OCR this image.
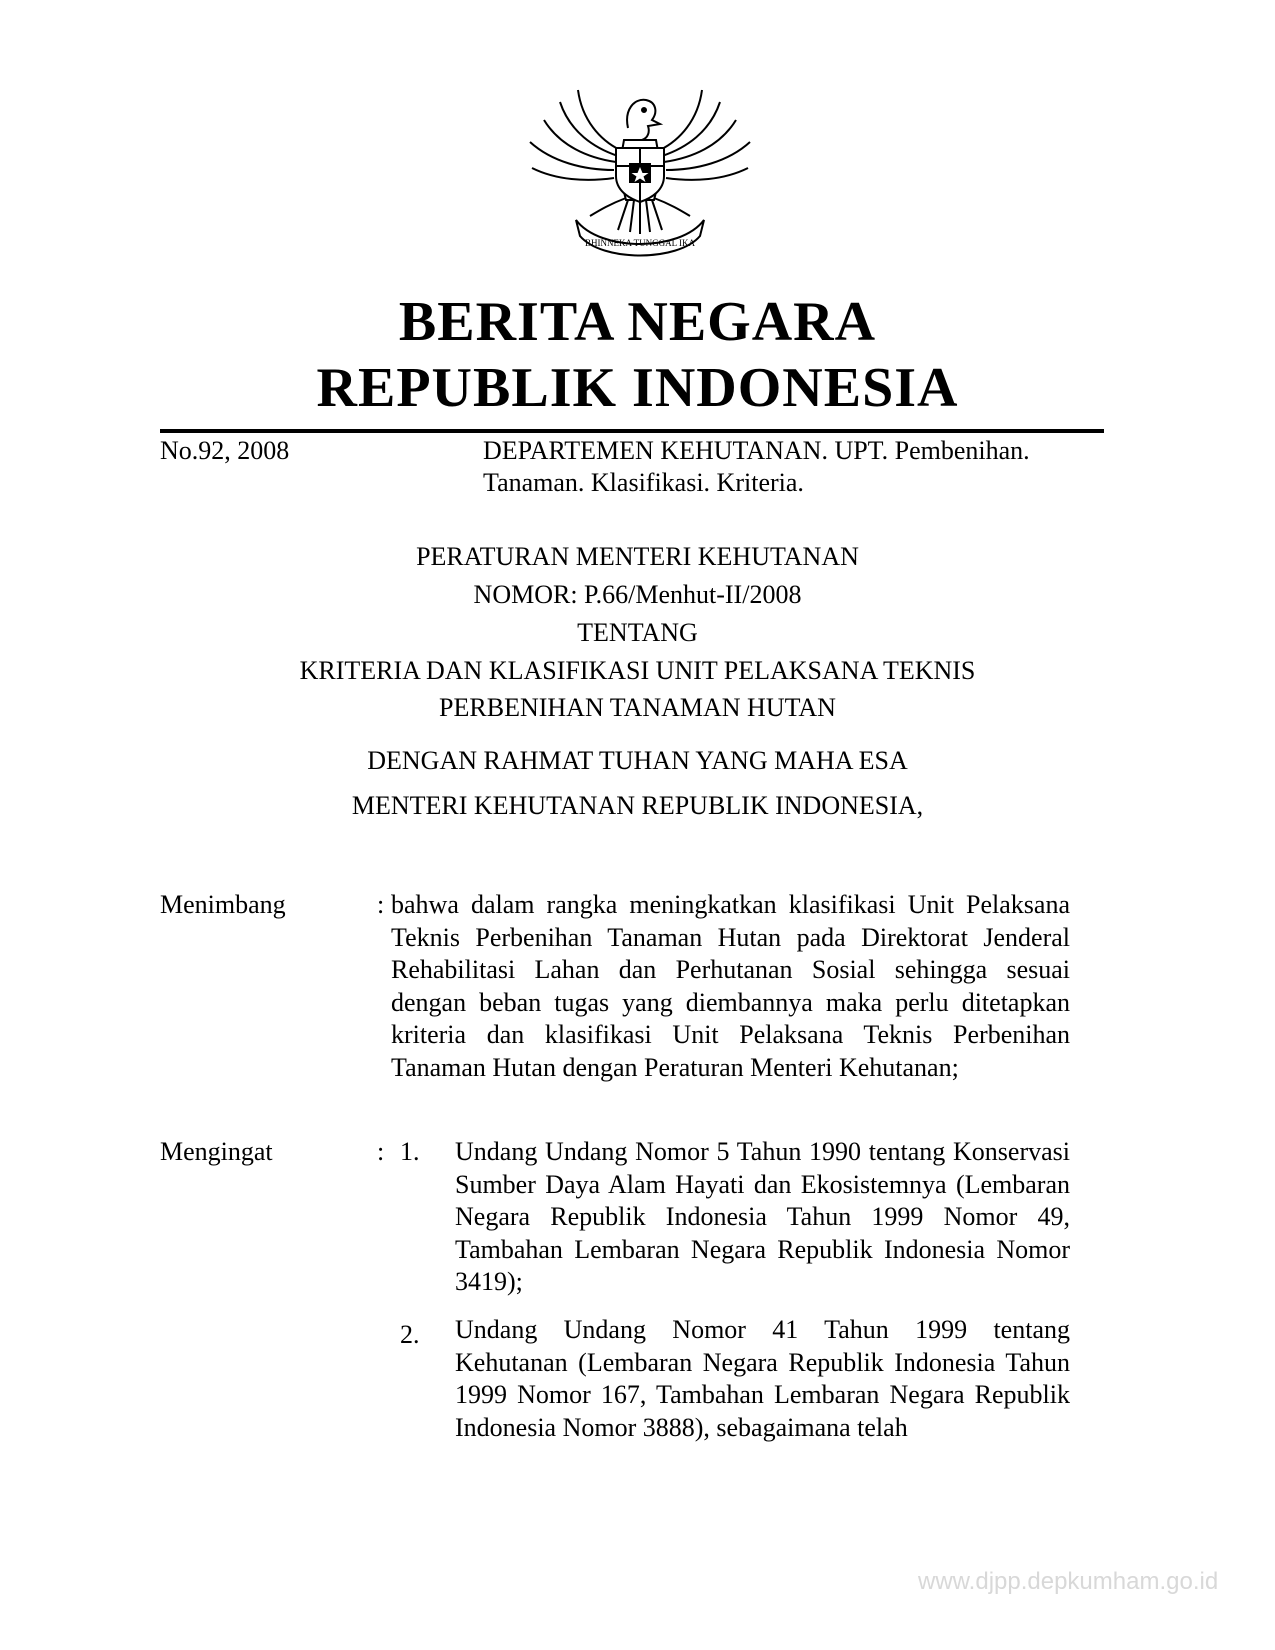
BHINNEKA TUNGGAL IKA
BERITA NEGARA
REPUBLIK INDONESIA
No.92, 2008	DEPARTEMEN KEHUTANAN. UPT. Pembenihan.
Tanaman. Klasifikasi. Kriteria.
PERATURAN MENTERI KEHUTANAN
NOMOR: P.66/Menhut-II/2008
TENTANG
KRITERIA DAN KLASIFIKASI UNIT PELAKSANA TEKNIS
PERBENIHAN TANAMAN HUTAN
DENGAN RAHMAT TUHAN YANG MAHA ESA
MENTERI KEHUTANAN REPUBLIK INDONESIA,
Menimbang	: bahwa dalam rangka meningkatkan klasifikasi Unit Pelaksana Teknis Perbenihan Tanaman Hutan pada Direktorat Jenderal Rehabilitasi Lahan dan Perhutanan Sosial sehingga sesuai dengan beban tugas yang diembannya maka perlu ditetapkan kriteria dan klasifikasi Unit Pelaksana Teknis Perbenihan Tanaman Hutan dengan Peraturan Menteri Kehutanan;
Mengingat	: 1. Undang Undang Nomor 5 Tahun 1990 tentang Konservasi Sumber Daya Alam Hayati dan Ekosistemnya (Lembaran Negara Republik Indonesia Tahun 1999 Nomor 49, Tambahan Lembaran Negara Republik Indonesia Nomor 3419);
2. Undang Undang Nomor 41 Tahun 1999 tentang Kehutanan (Lembaran Negara Republik Indonesia Tahun 1999 Nomor 167, Tambahan Lembaran Negara Republik Indonesia Nomor 3888), sebagaimana telah
www.djpp.depkumham.go.id
